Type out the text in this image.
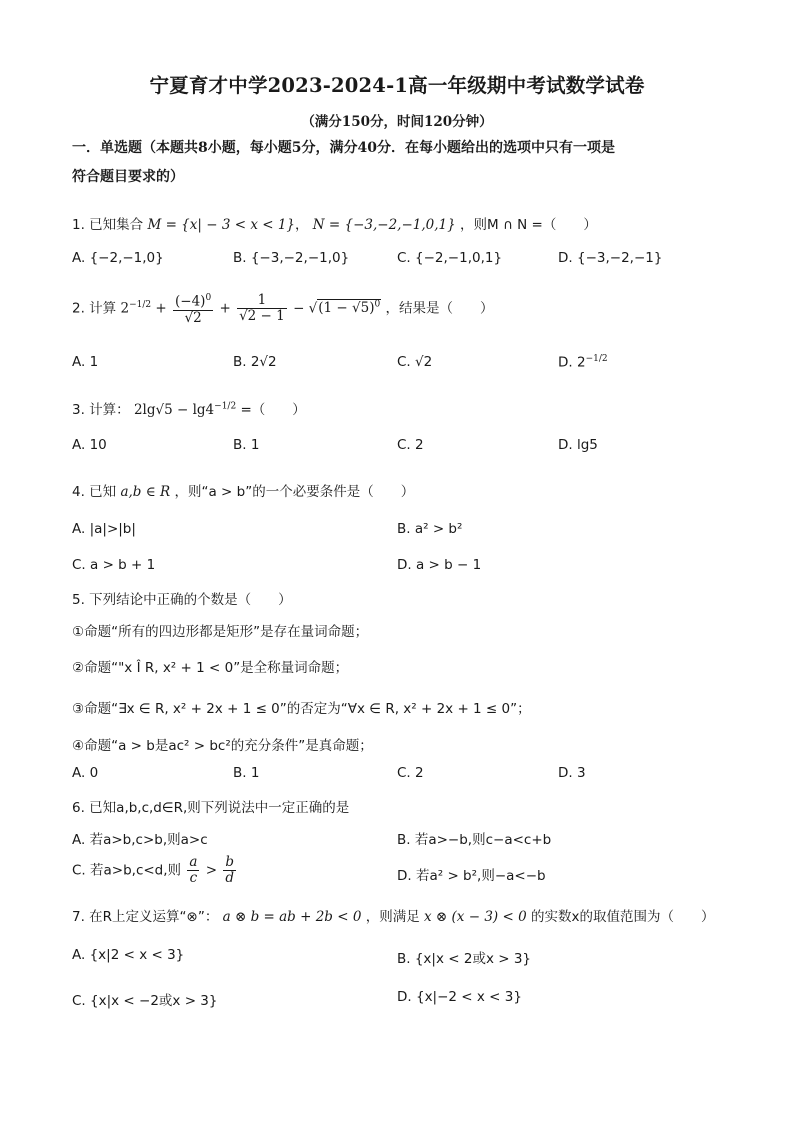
宁夏育才中学2023-2024-1高一年级期中考试数学试卷
（满分150分，时间120分钟）
一．单选题（本题共8小题，每小题5分，满分40分．在每小题给出的选项中只有一项是
符合题目要求的）
1. 已知集合 M = {x| − 3 < x < 1}， N = {−3,−2,−1,0,1} ，则M ∩ N =（　　）
A. {−2,−1,0}	B. {−3,−2,−1,0}	C. {−2,−1,0,1}	D. {−3,−2,−1}
2. 计算 $2^{-1/2} + \frac{(-4)^0}{√2} + \frac{1}{√2 - 1} - √(1 - √5)^0$ ，结果是（　　）
A. 1	B. 2√2	C. √2	D. $2^{-1/2}$
3. 计算： $2\lg√5 - \lg 4^{-1/2}$ =（　　）
A. 10	B. 1	C. 2	D. lg5
4. 已知 a,b ∈ R ，则“a > b”的一个必要条件是（　　）
A. |a|>|b|	B. a² > b²
C. a > b + 1	D. a > b − 1
5. 下列结论中正确的个数是（　　）
①命题“所有的四边形都是矩形”是存在量词命题；
②命题“"x Î R, x² + 1 < 0”是全称量词命题；
③命题“∃x ∈ R, x² + 2x + 1 ≤ 0”的否定为“∀x ∈ R, x² + 2x + 1 ≤ 0”；
④命题“a > b是ac² > bc²的充分条件”是真命题；
A. 0	B. 1	C. 2	D. 3
6. 已知a,b,c,d∈R,则下列说法中一定正确的是
A. 若a>b,c>b,则a>c	B. 若a>−b,则c−a<c+b
C. 若a>b,c<d,则 $\frac{a}{c} > \frac{b}{d}$	D. 若a² > b²,则−a<−b
7. 在R上定义运算“⊗”： a ⊗ b = ab + 2b < 0 ，则满足 x ⊗ (x − 3) < 0 的实数x的取值范围为（　　）
A. {x|2 < x < 3}	B. {x|x < 2或x > 3}
C. {x|x < −2或x > 3}	D. {x|−2 < x < 3}
